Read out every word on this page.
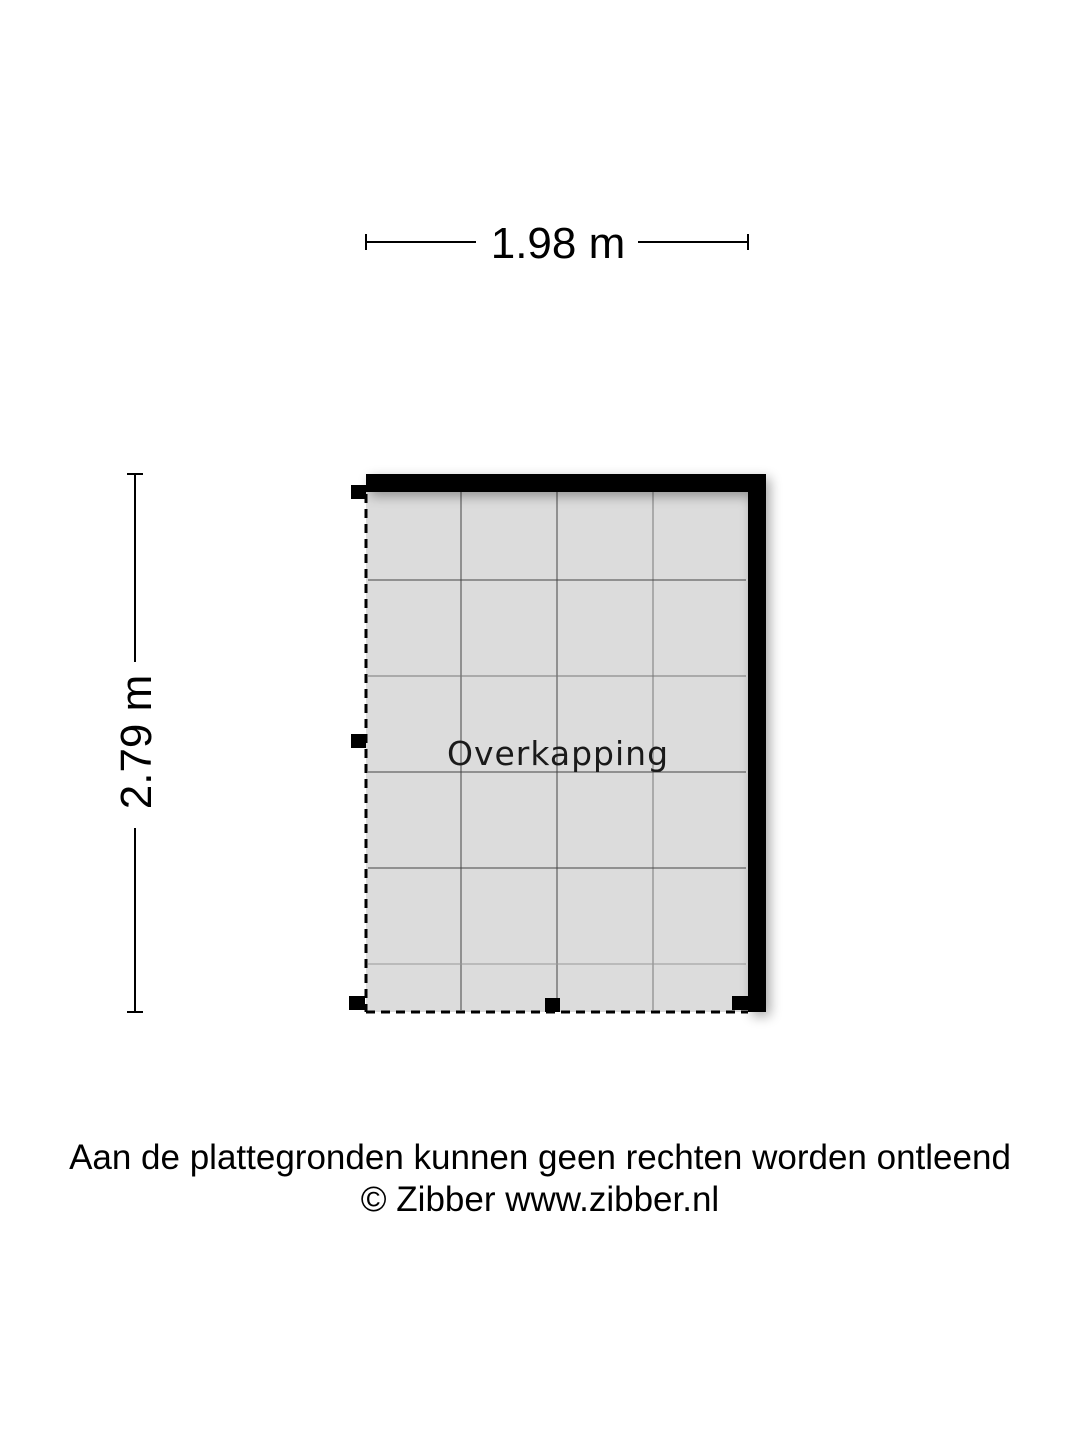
1.98 m
2.79 m	Overkapping
Aan de plattegronden kunnen geen rechten worden ontleend
© Zibber www.zibber.nl
